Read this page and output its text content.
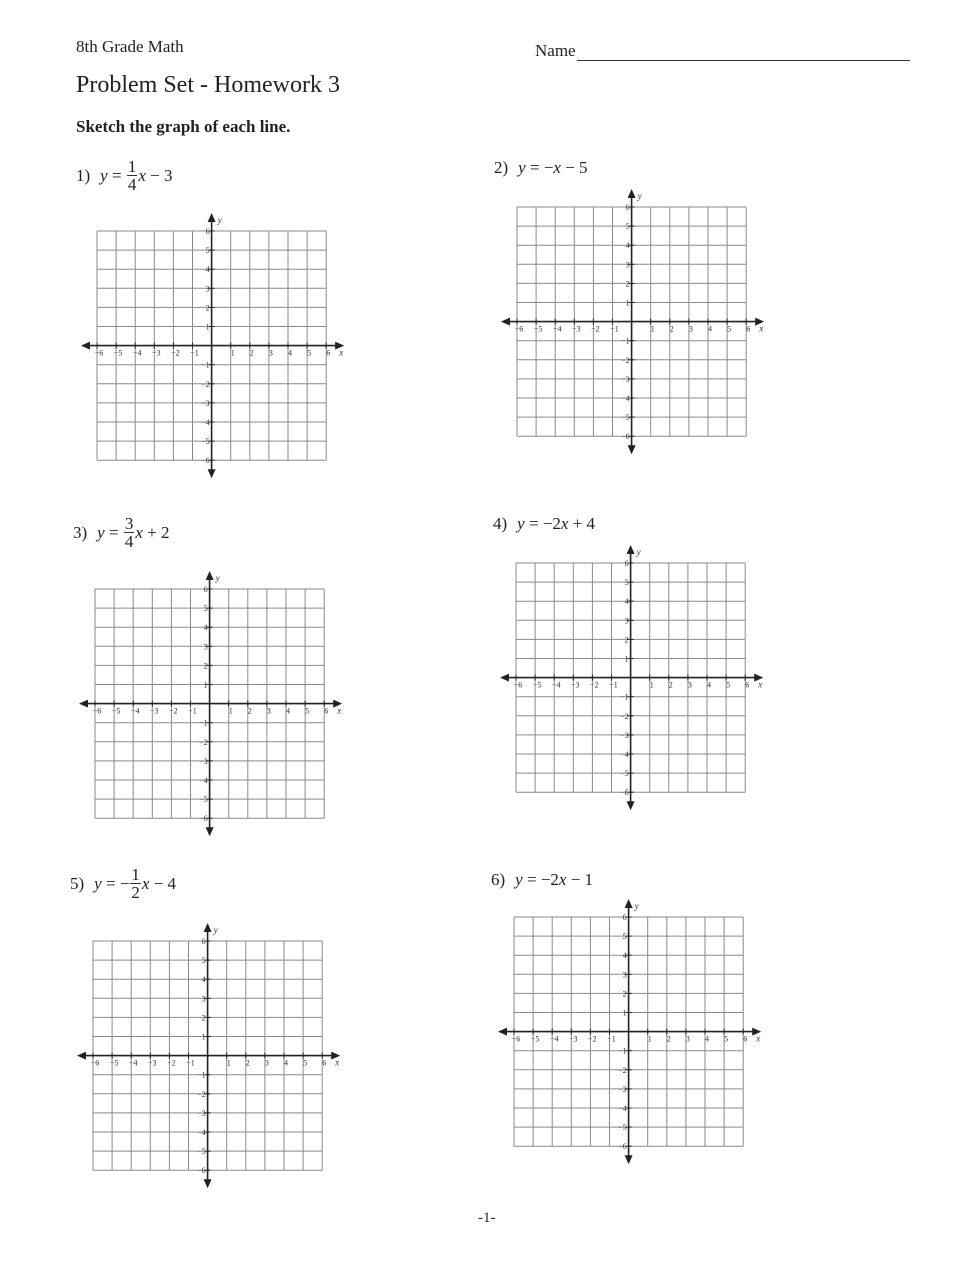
8th Grade Math	Name
Problem Set - Homework 3
Sketch the graph of each line.
1) $y = \frac{1}{4}$ x − 3	2) y = − x − 5
3) $y = \frac{3}{4}$ x + 2	4) y = −2 x + 4
5) y = − $\frac{1}{2}$ x − 4	6) y = −2 x − 1
x
y
−6 −5 −4 −3 −2 −1	1 2 3 4 5 6
6
5
4
3
2
1
−1
−2
−3
−4
−5
−6
x
y
−6 −5 −4 −3 −2 −1	1 2 3 4 5 6
6
5
4
3
2
1
−1
−2
−3
−4
−5
−6
x
y
−6 −5 −4 −3 −2 −1	1 2 3 4 5 6
6
5
4
3
2
1
−1
−2
−3
−4
−5
−6
x
y
−6 −5 −4 −3 −2 −1	1 2 3 4 5 6
6
5
4
3
2
1
−1
−2
−3
−4
−5
−6
x
y
−6 −5 −4 −3 −2 −1	1 2 3 4 5 6
6
5
4
3
2
1
−1
−2
−3
−4
−5
−6
x
y
−6 −5 −4 −3 −2 −1	1 2 3 4 5 6
6
5
4
3
2
1
−1
−2
−3
−4
−5
−6
-1-
